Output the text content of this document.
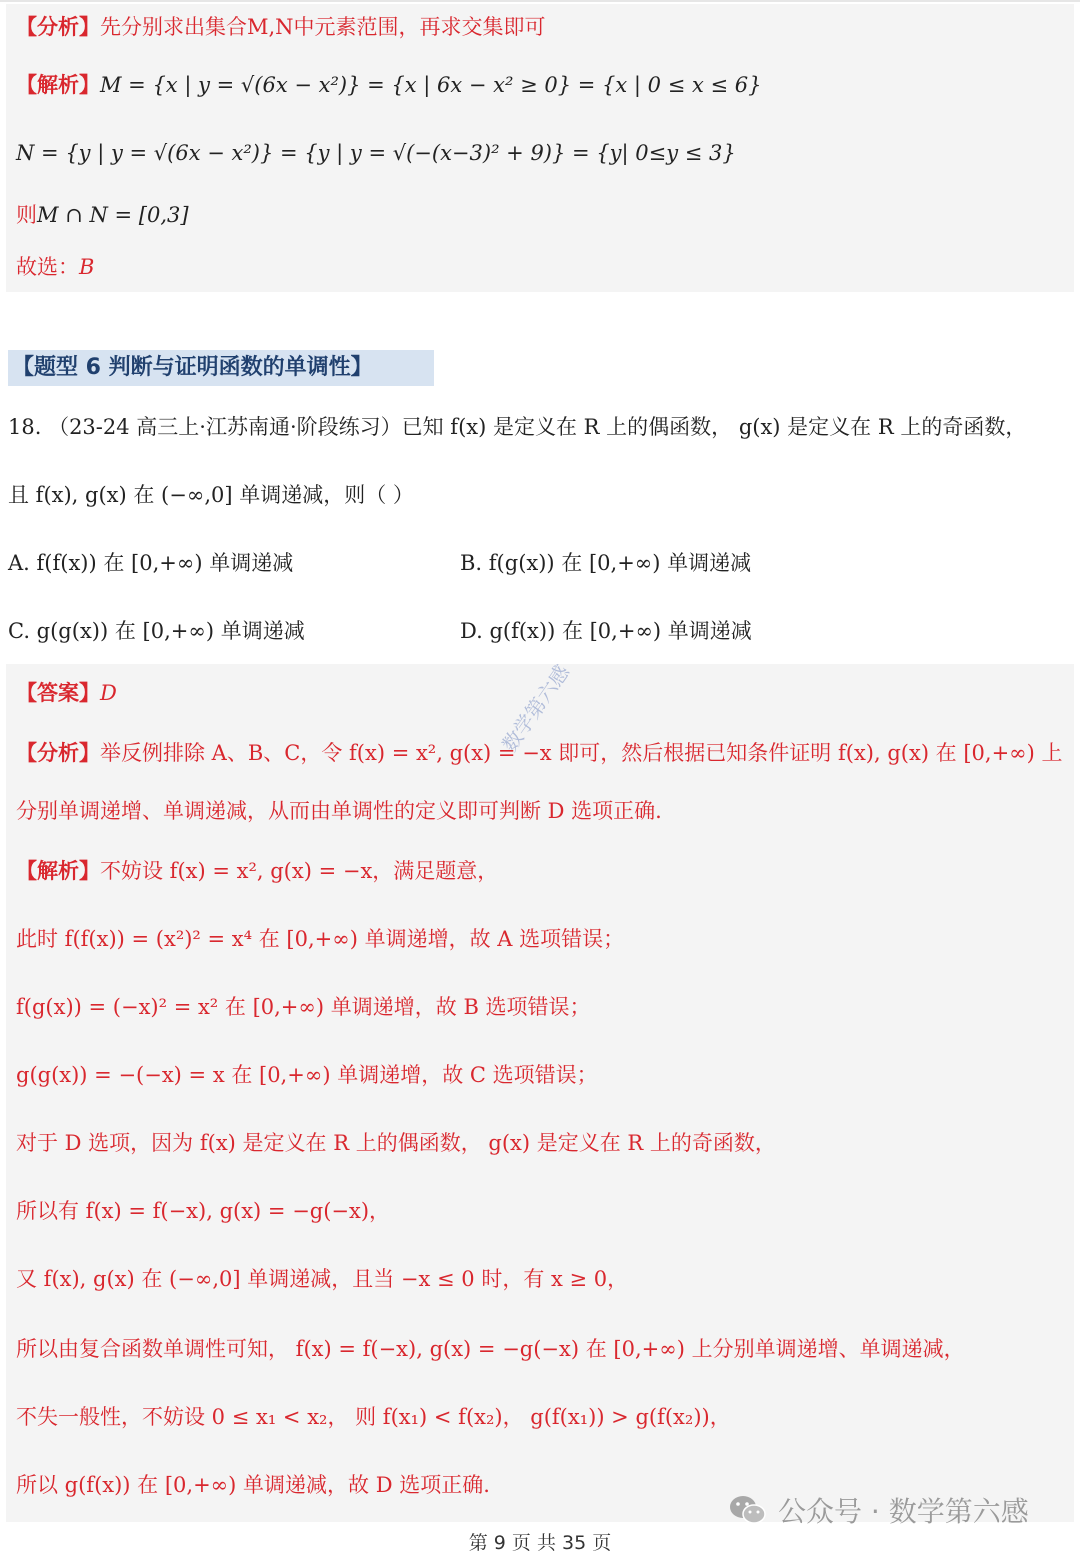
【分析】先分别求出集合M,N中元素范围，再求交集即可
【解析】M = {x | y = √(6x − x²)} = {x | 6x − x² ≥ 0} = {x | 0 ≤ x ≤ 6}
N = {y | y = √(6x − x²)} = {y | y = √(−(x−3)² + 9)} = {y| 0≤y ≤ 3}
则M ∩ N = [0,3]
故选：B
【题型 6 判断与证明函数的单调性】
18. （23-24 高三上·江苏南通·阶段练习）已知 f(x) 是定义在 R 上的偶函数， g(x) 是定义在 R 上的奇函数，
且 f(x), g(x) 在 (−∞,0] 单调递减，则（ ）
A. f(f(x)) 在 [0,+∞) 单调递减	B. f(g(x)) 在 [0,+∞) 单调递减
C. g(g(x)) 在 [0,+∞) 单调递减	D. g(f(x)) 在 [0,+∞) 单调递减
【答案】D
【分析】举反例排除 A、B、C，令 f(x) = x², g(x) = −x 即可，然后根据已知条件证明 f(x), g(x) 在 [0,+∞) 上
分别单调递增、单调递减，从而由单调性的定义即可判断 D 选项正确.
【解析】不妨设 f(x) = x², g(x) = −x，满足题意，
此时 f(f(x)) = (x²)² = x⁴ 在 [0,+∞) 单调递增，故 A 选项错误；
f(g(x)) = (−x)² = x² 在 [0,+∞) 单调递增，故 B 选项错误；
g(g(x)) = −(−x) = x 在 [0,+∞) 单调递增，故 C 选项错误；
对于 D 选项，因为 f(x) 是定义在 R 上的偶函数， g(x) 是定义在 R 上的奇函数，
所以有 f(x) = f(−x), g(x) = −g(−x)，
又 f(x), g(x) 在 (−∞,0] 单调递减，且当 −x ≤ 0 时，有 x ≥ 0，
所以由复合函数单调性可知， f(x) = f(−x), g(x) = −g(−x) 在 [0,+∞) 上分别单调递增、单调递减，
不失一般性，不妨设 0 ≤ x₁ < x₂， 则 f(x₁) < f(x₂)， g(f(x₁)) > g(f(x₂))，
所以 g(f(x)) 在 [0,+∞) 单调递减，故 D 选项正确.
数学第六感
公众号 · 数学第六感
第 9 页 共 35 页
